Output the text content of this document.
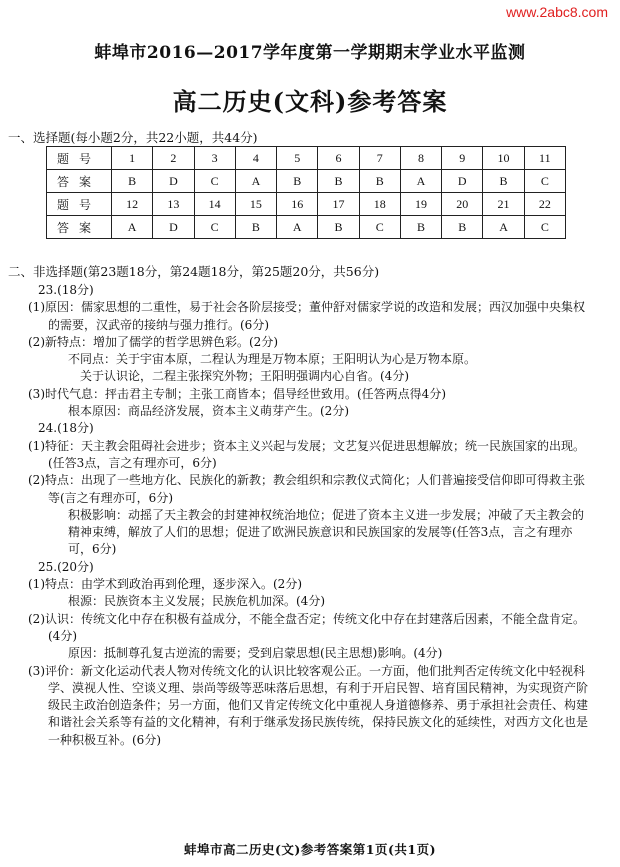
www.2abc8.com
蚌埠市2016—2017学年度第一学期期末学业水平监测
高二历史(文科)参考答案
一、选择题(每小题2分，共22小题，共44分)
题号	1	2	3	4	5	6	7	8	9	10	11
答案	B	D	C	A	B	B	B	A	D	B	C
题号	12	13	14	15	16	17	18	19	20	21	22
答案	A	D	C	B	A	B	C	B	B	A	C
二、非选择题(第23题18分，第24题18分，第25题20分，共56分)
23.(18分)
(1)原因：儒家思想的二重性，易于社会各阶层接受；董仲舒对儒家学说的改造和发展；西汉加强中央集权的需要，汉武帝的接纳与强力推行。(6分)
(2)新特点：增加了儒学的哲学思辨色彩。(2分)
不同点：关于宇宙本原，二程认为理是万物本原；王阳明认为心是万物本原。
关于认识论，二程主张探究外物；王阳明强调内心自省。(4分)
(3)时代气息：抨击君主专制；主张工商皆本；倡导经世致用。(任答两点得4分)
根本原因：商品经济发展，资本主义萌芽产生。(2分)
24.(18分)
(1)特征：天主教会阻碍社会进步；资本主义兴起与发展；文艺复兴促进思想解放；统一民族国家的出现。(任答3点，言之有理亦可，6分)
(2)特点：出现了一些地方化、民族化的新教；教会组织和宗教仪式简化；人们普遍接受信仰即可得救主张等(言之有理亦可，6分)
积极影响：动摇了天主教会的封建神权统治地位；促进了资本主义进一步发展；冲破了天主教会的精神束缚，解放了人们的思想；促进了欧洲民族意识和民族国家的发展等(任答3点，言之有理亦可，6分)
25.(20分)
(1)特点：由学术到政治再到伦理，逐步深入。(2分)
根源：民族资本主义发展；民族危机加深。(4分)
(2)认识：传统文化中存在积极有益成分，不能全盘否定；传统文化中存在封建落后因素，不能全盘肯定。(4分)
原因：抵制尊孔复古逆流的需要；受到启蒙思想(民主思想)影响。(4分)
(3)评价：新文化运动代表人物对传统文化的认识比较客观公正。一方面，他们批判否定传统文化中轻视科学、漠视人性、空谈义理、崇尚等级等恶味落后思想，有利于开启民智、培育国民精神，为实现资产阶级民主政治创造条件；另一方面，他们又肯定传统文化中重视人身道德修养、勇于承担社会责任、构建和谐社会关系等有益的文化精神，有利于继承发扬民族传统，保持民族文化的延续性，对西方文化也是一种积极互补。(6分)
蚌埠市高二历史(文)参考答案第1页(共1页)
